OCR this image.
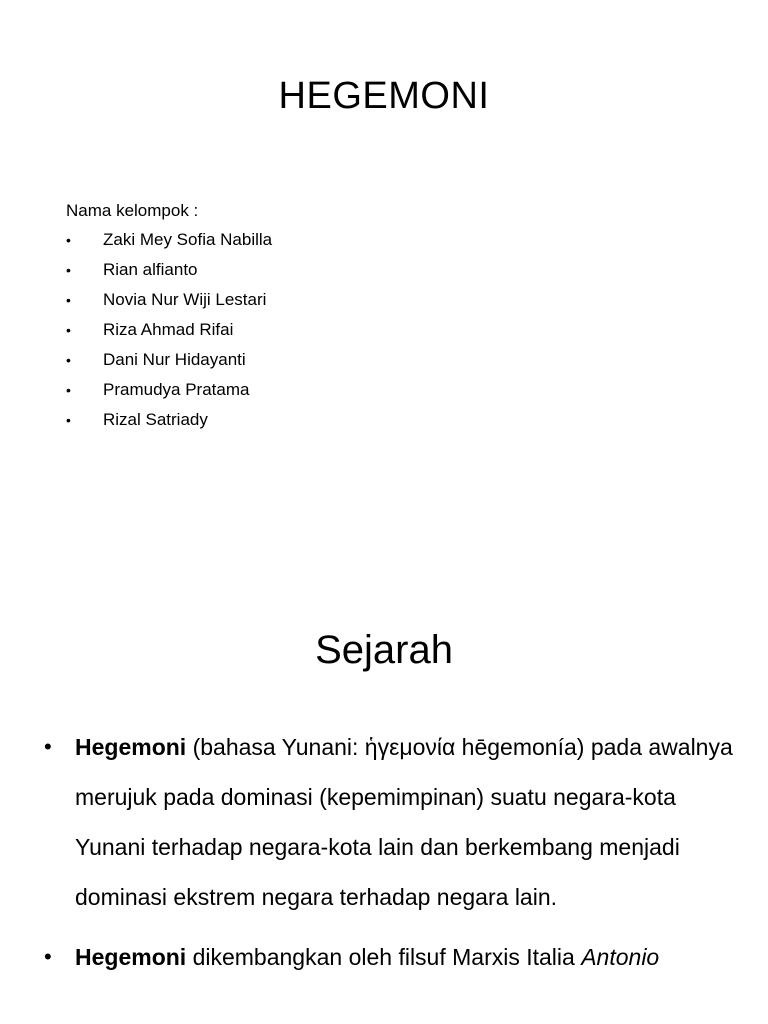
HEGEMONI
Nama kelompok :
• Zaki Mey Sofia Nabilla
• Rian alfianto
• Novia Nur Wiji Lestari
• Riza Ahmad Rifai
• Dani Nur Hidayanti
• Pramudya Pratama
• Rizal Satriady
Sejarah
• Hegemoni (bahasa Yunani: ἡγεμονία hēgemonía) pada awalnya merujuk pada dominasi (kepemimpinan) suatu negara-kota Yunani terhadap negara-kota lain dan berkembang menjadi dominasi ekstrem negara terhadap negara lain.
• Hegemoni dikembangkan oleh filsuf Marxis Italia Antonio
